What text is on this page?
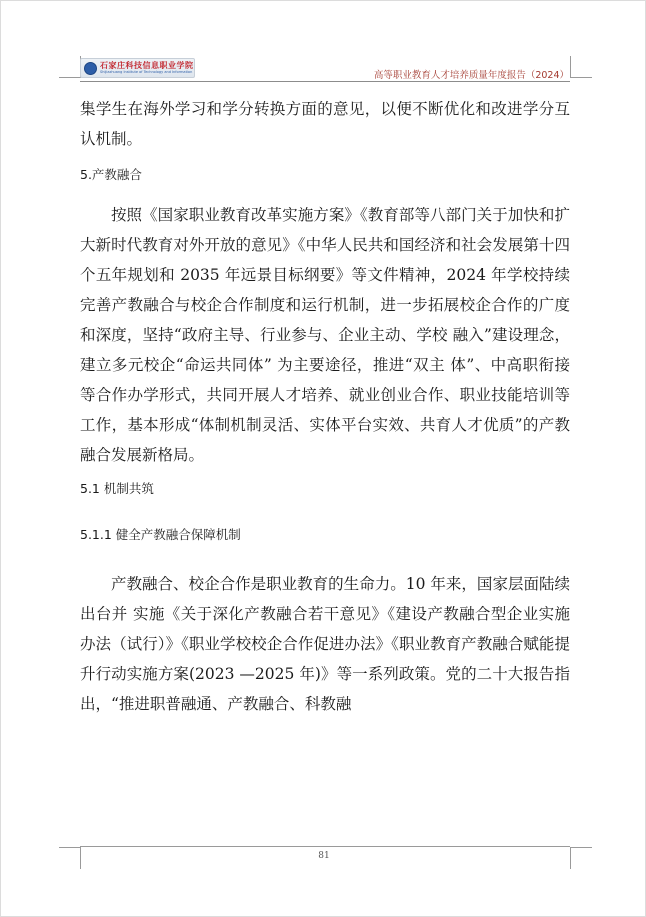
石家庄科技信息职业学院
Shijiazhuang Institute of Technology and Information	高等职业教育人才培养质量年度报告（2024）

集学生在海外学习和学分转换方面的意见，以便不断优化和改进学分互认机制。

5.产教融合

按照《国家职业教育改革实施方案》《教育部等八部门关于加快和扩大新时代教育对外开放的意见》《中华人民共和国经济和社会发展第十四个五年规划和 2035 年远景目标纲要》等文件精神，2024 年学校持续完善产教融合与校企合作制度和运行机制，进一步拓展校企合作的广度和深度，坚持“政府主导、行业参与、企业主动、学校 融入”建设理念，建立多元校企“命运共同体” 为主要途径，推进“双主 体”、中高职衔接等合作办学形式，共同开展人才培养、就业创业合作、职业技能培训等工作，基本形成“体制机制灵活、实体平台实效、共育人才优质”的产教融合发展新格局。

5.1 机制共筑

5.1.1 健全产教融合保障机制

产教融合、校企合作是职业教育的生命力。10 年来，国家层面陆续出台并 实施《关于深化产教融合若干意见》《建设产教融合型企业实施办法（试行）》《职业学校校企合作促进办法》《职业教育产教融合赋能提升行动实施方案(2023 —2025 年)》等一系列政策。党的二十大报告指出，“推进职普融通、产教融合、科教融

81
